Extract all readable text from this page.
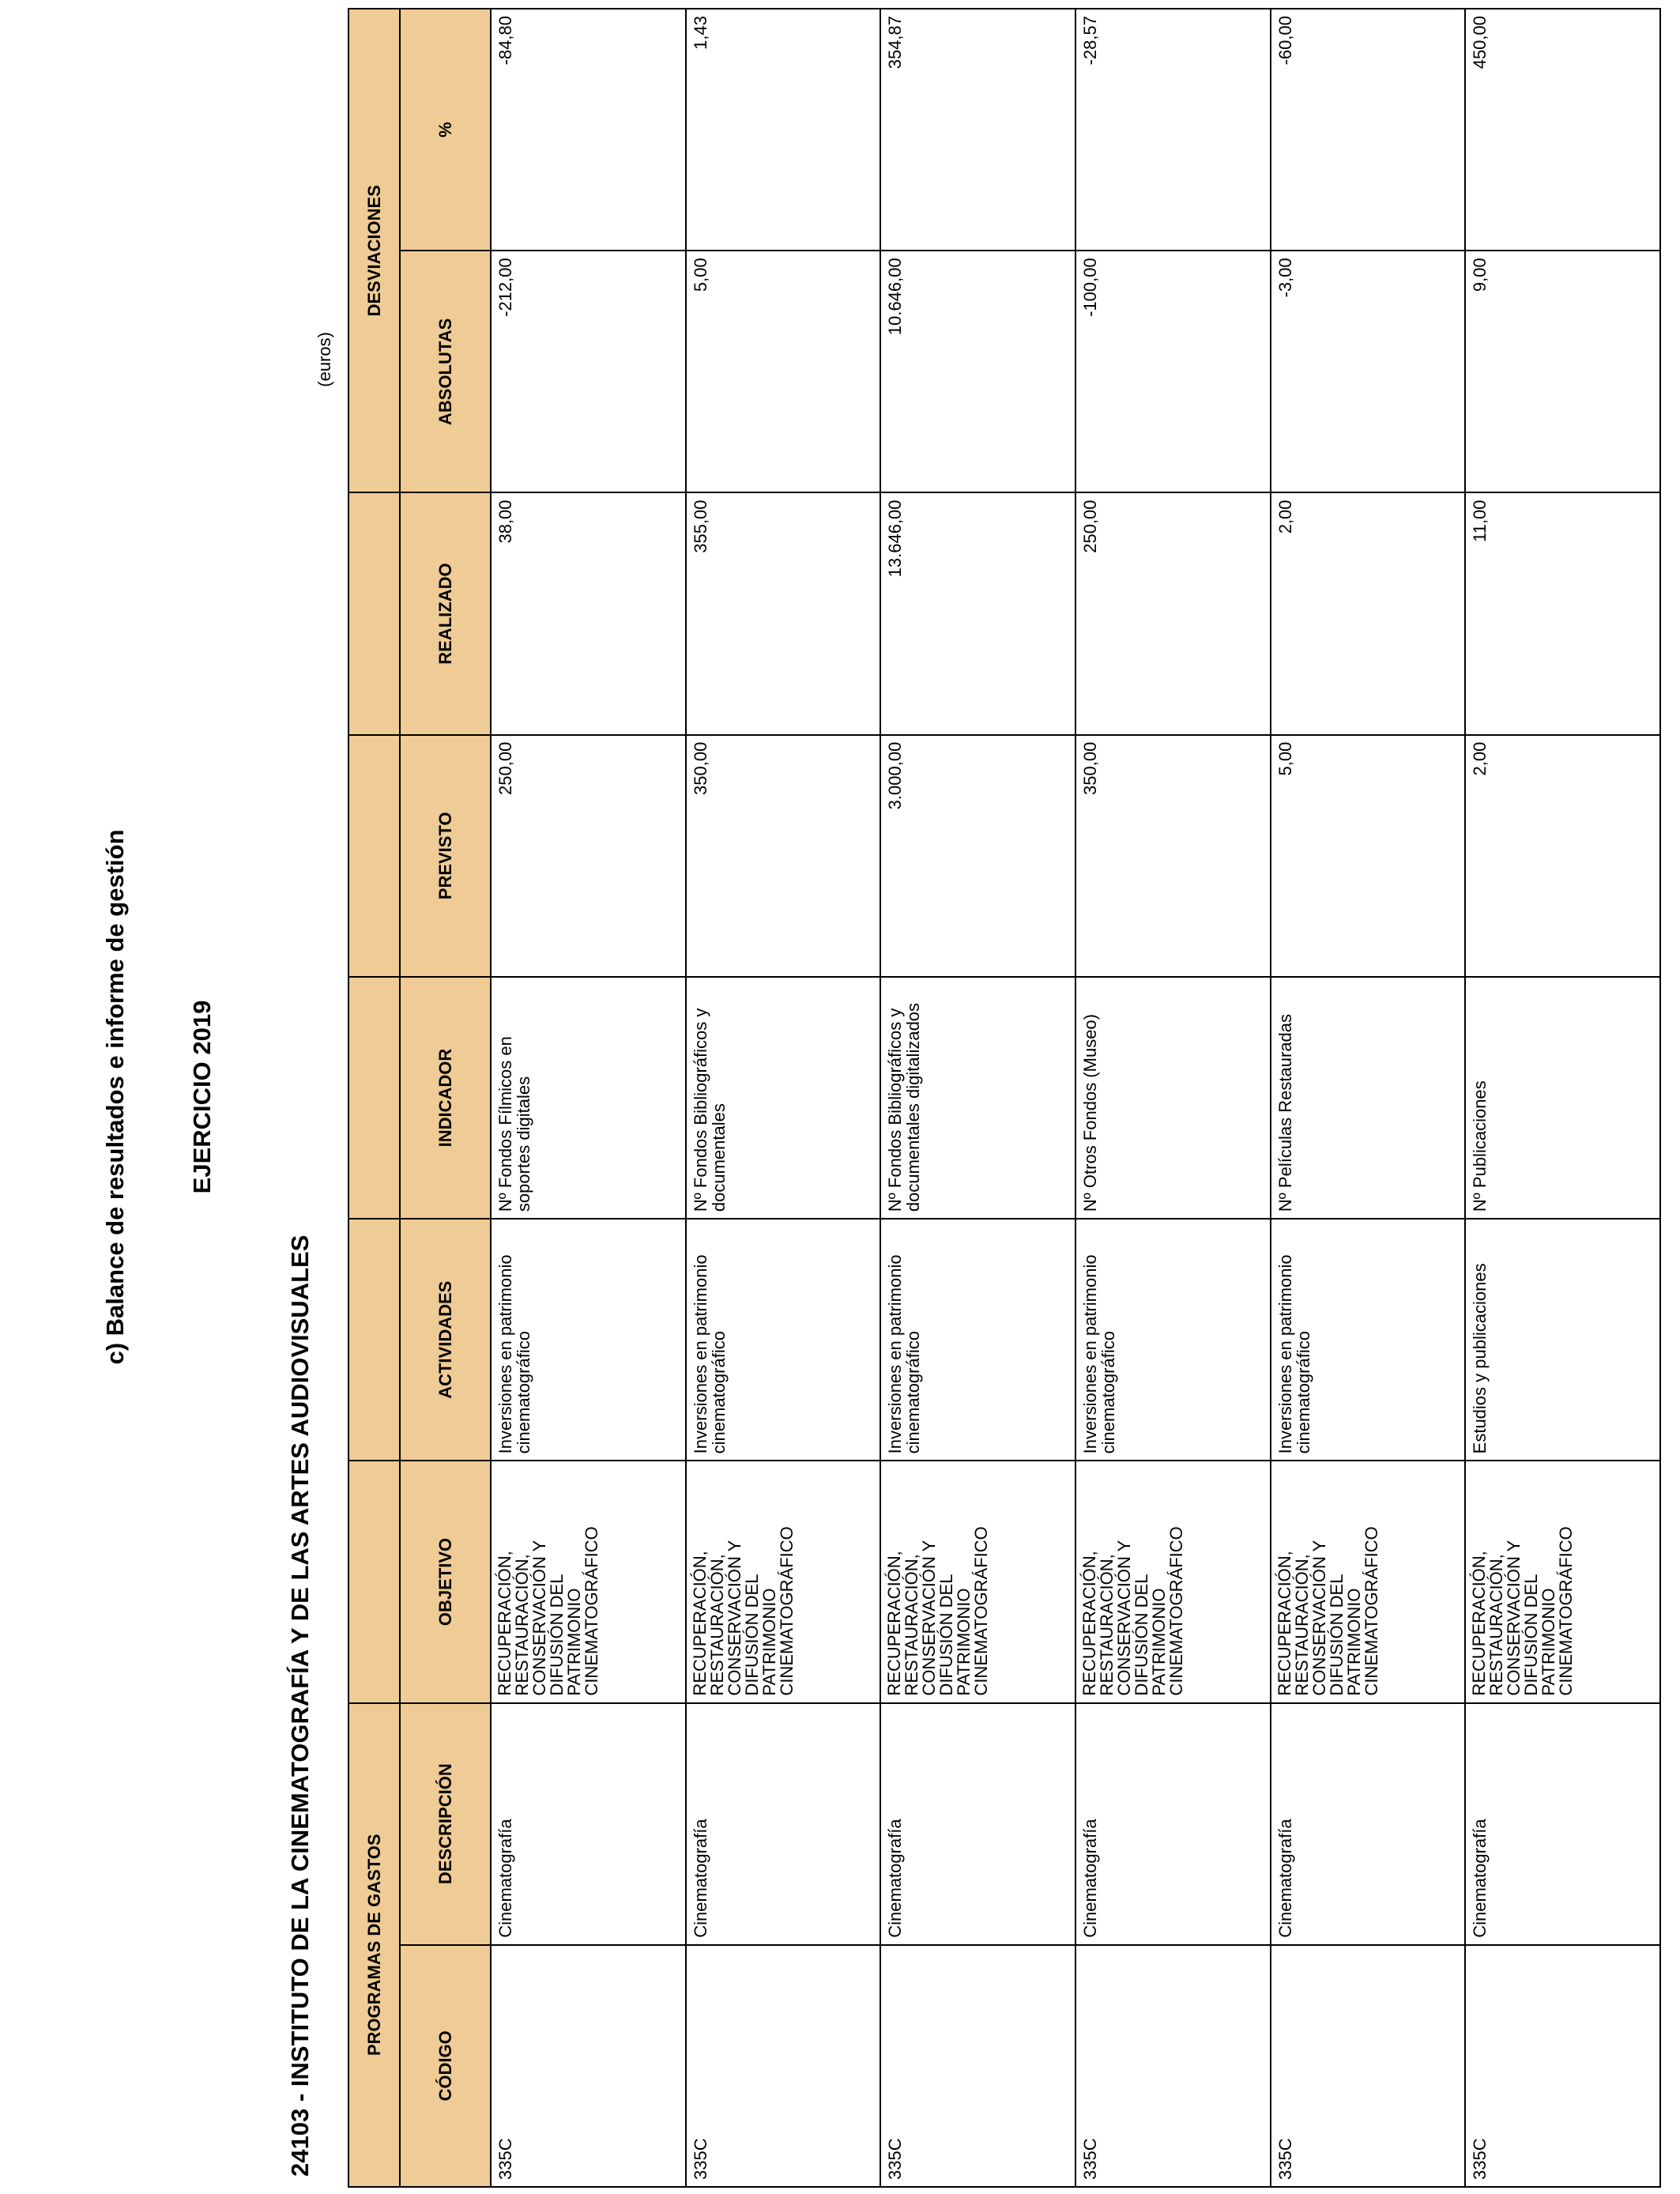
c) Balance de resultados e informe de gestión EJERCICIO 2019
24103 - INSTITUTO DE LA CINEMATOGRAFÍA Y DE LAS ARTES AUDIOVISUALES
(euros)
PROGRAMAS DE GASTOS							DESVIACIONES	
CÓDIGO	DESCRIPCIÓN	OBJETIVO	ACTIVIDADES	INDICADOR	PREVISTO	REALIZADO	ABSOLUTAS	%
335C	Cinematografía	RECUPERACIÓN, RESTAURACIÓN, CONSERVACIÓN Y DIFUSIÓN DEL PATRIMONIO CINEMATOGRÁFICO	Inversiones en patrimonio cinematográfico	Nº Fondos Fílmicos en soportes digitales	250,00	38,00	-212,00	-84,80
335C	Cinematografía	RECUPERACIÓN, RESTAURACIÓN, CONSERVACIÓN Y DIFUSIÓN DEL PATRIMONIO CINEMATOGRÁFICO	Inversiones en patrimonio cinematográfico	Nº Fondos Bibliográficos y documentales	350,00	355,00	5,00	1,43
335C	Cinematografía	RECUPERACIÓN, RESTAURACIÓN, CONSERVACIÓN Y DIFUSIÓN DEL PATRIMONIO CINEMATOGRÁFICO	Inversiones en patrimonio cinematográfico	Nº Fondos Bibliográficos y documentales digitalizados	3.000,00	13.646,00	10.646,00	354,87
335C	Cinematografía	RECUPERACIÓN, RESTAURACIÓN, CONSERVACIÓN Y DIFUSIÓN DEL PATRIMONIO CINEMATOGRÁFICO	Inversiones en patrimonio cinematográfico	Nº Otros Fondos (Museo)	350,00	250,00	-100,00	-28,57
335C	Cinematografía	RECUPERACIÓN, RESTAURACIÓN, CONSERVACIÓN Y DIFUSIÓN DEL PATRIMONIO CINEMATOGRÁFICO	Inversiones en patrimonio cinematográfico	Nº Películas Restauradas	5,00	2,00	-3,00	-60,00
335C	Cinematografía	RECUPERACIÓN, RESTAURACIÓN, CONSERVACIÓN Y DIFUSIÓN DEL PATRIMONIO CINEMATOGRÁFICO	Estudios y publicaciones	Nº Publicaciones	2,00	11,00	9,00	450,00
